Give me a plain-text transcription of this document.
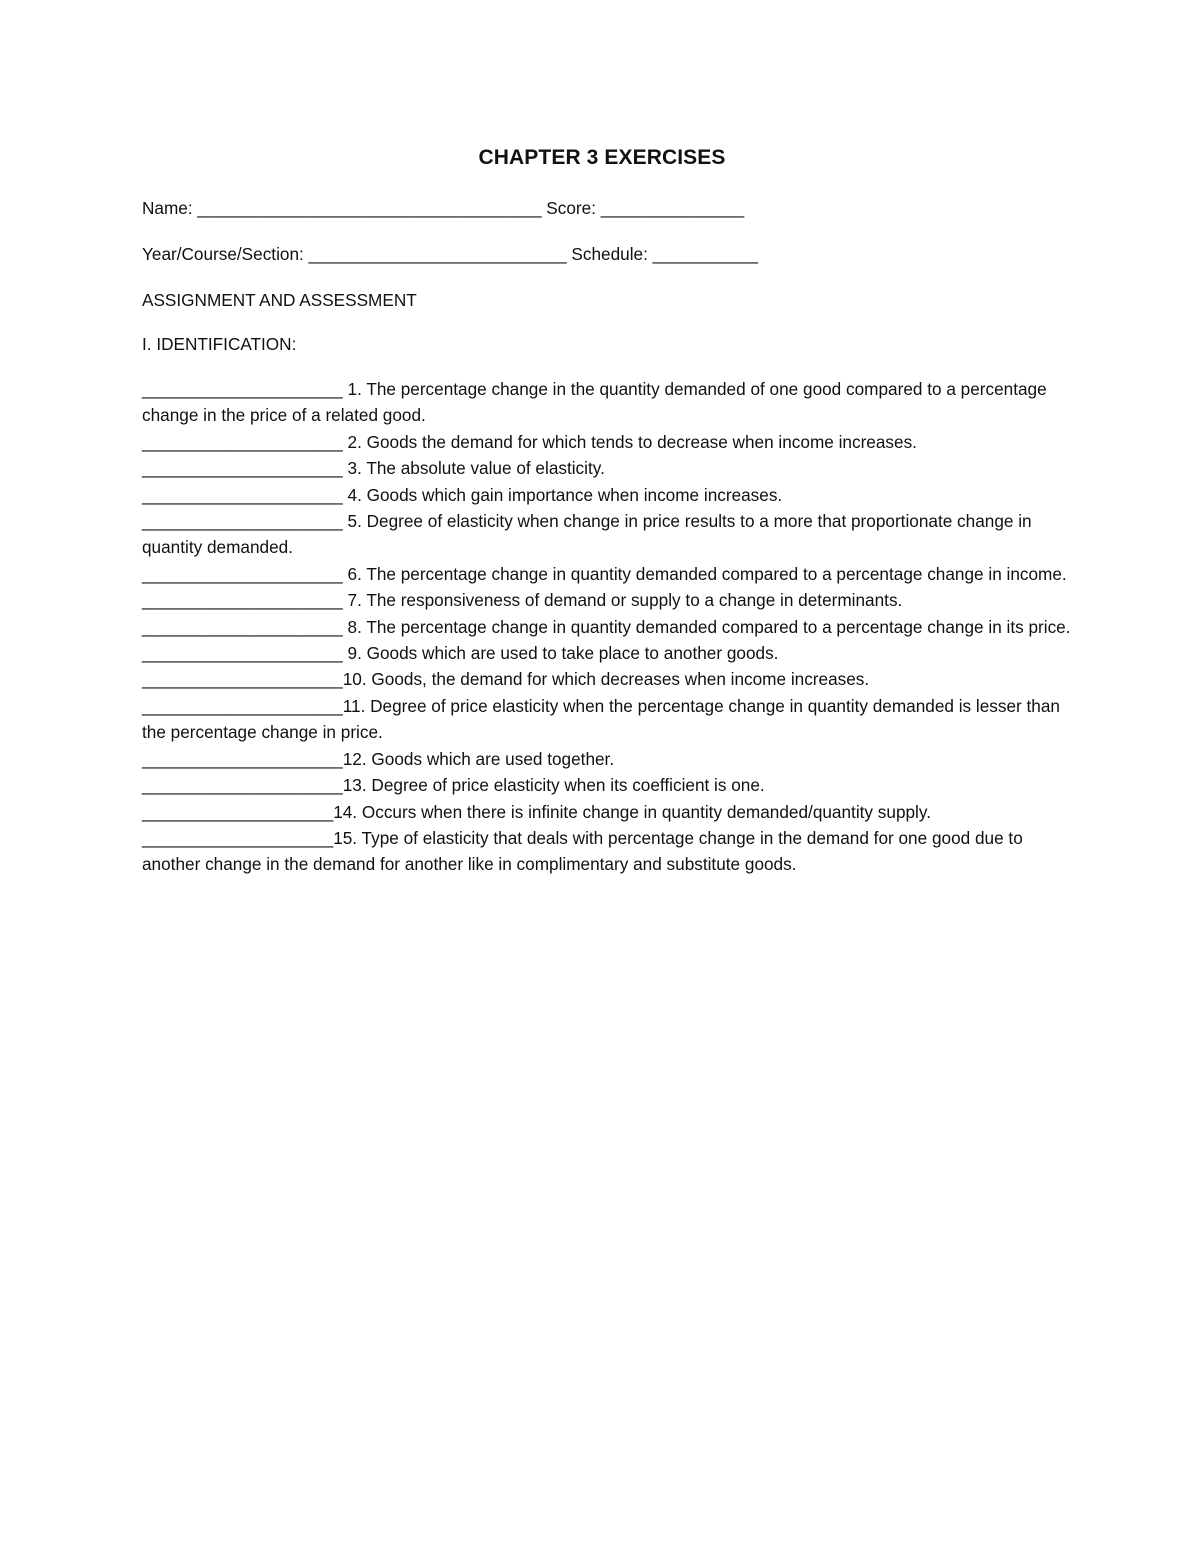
CHAPTER 3 EXERCISES
Name: ____________________________________ Score: _______________
Year/Course/Section: ___________________________ Schedule: ___________
ASSIGNMENT AND ASSESSMENT
I. IDENTIFICATION:
_____________________ 1. The percentage change in the quantity demanded of one good compared to a percentage change in the price of a related good.
_____________________ 2. Goods the demand for which tends to decrease when income increases.
_____________________ 3. The absolute value of elasticity.
_____________________ 4. Goods which gain importance when income increases.
_____________________ 5. Degree of elasticity when change in price results to a more that proportionate change in quantity demanded.
_____________________ 6. The percentage change in quantity demanded compared to a percentage change in income.
_____________________ 7. The responsiveness of demand or supply to a change in determinants.
_____________________ 8. The percentage change in quantity demanded compared to a percentage change in its price.
_____________________ 9. Goods which are used to take place to another goods.
_____________________10. Goods, the demand for which decreases when income increases.
_____________________11. Degree of price elasticity when the percentage change in quantity demanded is lesser than the percentage change in price.
_____________________12. Goods which are used together.
_____________________13. Degree of price elasticity when its coefficient is one.
____________________14. Occurs when there is infinite change in quantity demanded/quantity supply.
____________________15. Type of elasticity that deals with percentage change in the demand for one good due to another change in the demand for another like in complimentary and substitute goods.
